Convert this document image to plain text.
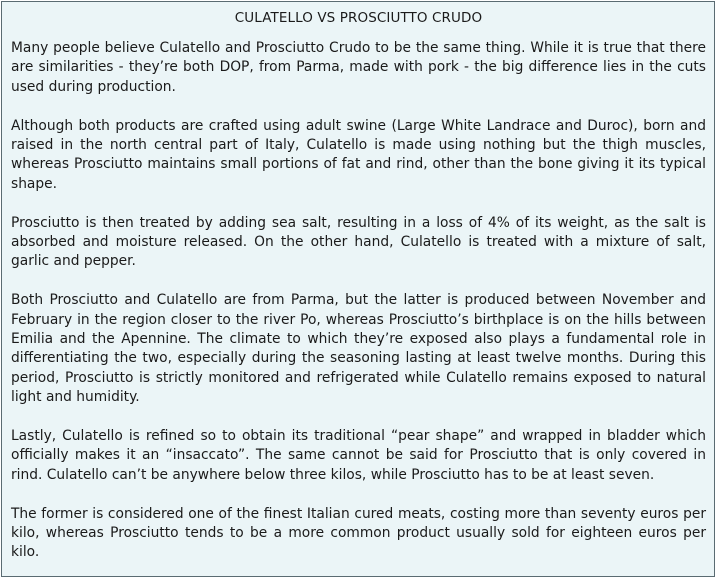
CULATELLO VS PROSCIUTTO CRUDO

Many people believe Culatello and Prosciutto Crudo to be the same thing. While it is true that there are similarities - they’re both DOP, from Parma, made with pork - the big difference lies in the cuts used during production.

Although both products are crafted using adult swine (Large White Landrace and Duroc), born and raised in the north central part of Italy, Culatello is made using nothing but the thigh muscles, whereas Prosciutto maintains small portions of fat and rind, other than the bone giving it its typical shape.

Prosciutto is then treated by adding sea salt, resulting in a loss of 4% of its weight, as the salt is absorbed and moisture released. On the other hand, Culatello is treated with a mixture of salt, garlic and pepper.

Both Prosciutto and Culatello are from Parma, but the latter is produced between November and February in the region closer to the river Po, whereas Prosciutto’s birthplace is on the hills between Emilia and the Apennine. The climate to which they’re exposed also plays a fundamental role in differentiating the two, especially during the seasoning lasting at least twelve months. During this period, Prosciutto is strictly monitored and refrigerated while Culatello remains exposed to natural light and humidity.

Lastly, Culatello is refined so to obtain its traditional “pear shape” and wrapped in bladder which officially makes it an “insaccato”. The same cannot be said for Prosciutto that is only covered in rind. Culatello can’t be anywhere below three kilos, while Prosciutto has to be at least seven.

The former is considered one of the finest Italian cured meats, costing more than seventy euros per kilo, whereas Prosciutto tends to be a more common product usually sold for eighteen euros per kilo.
